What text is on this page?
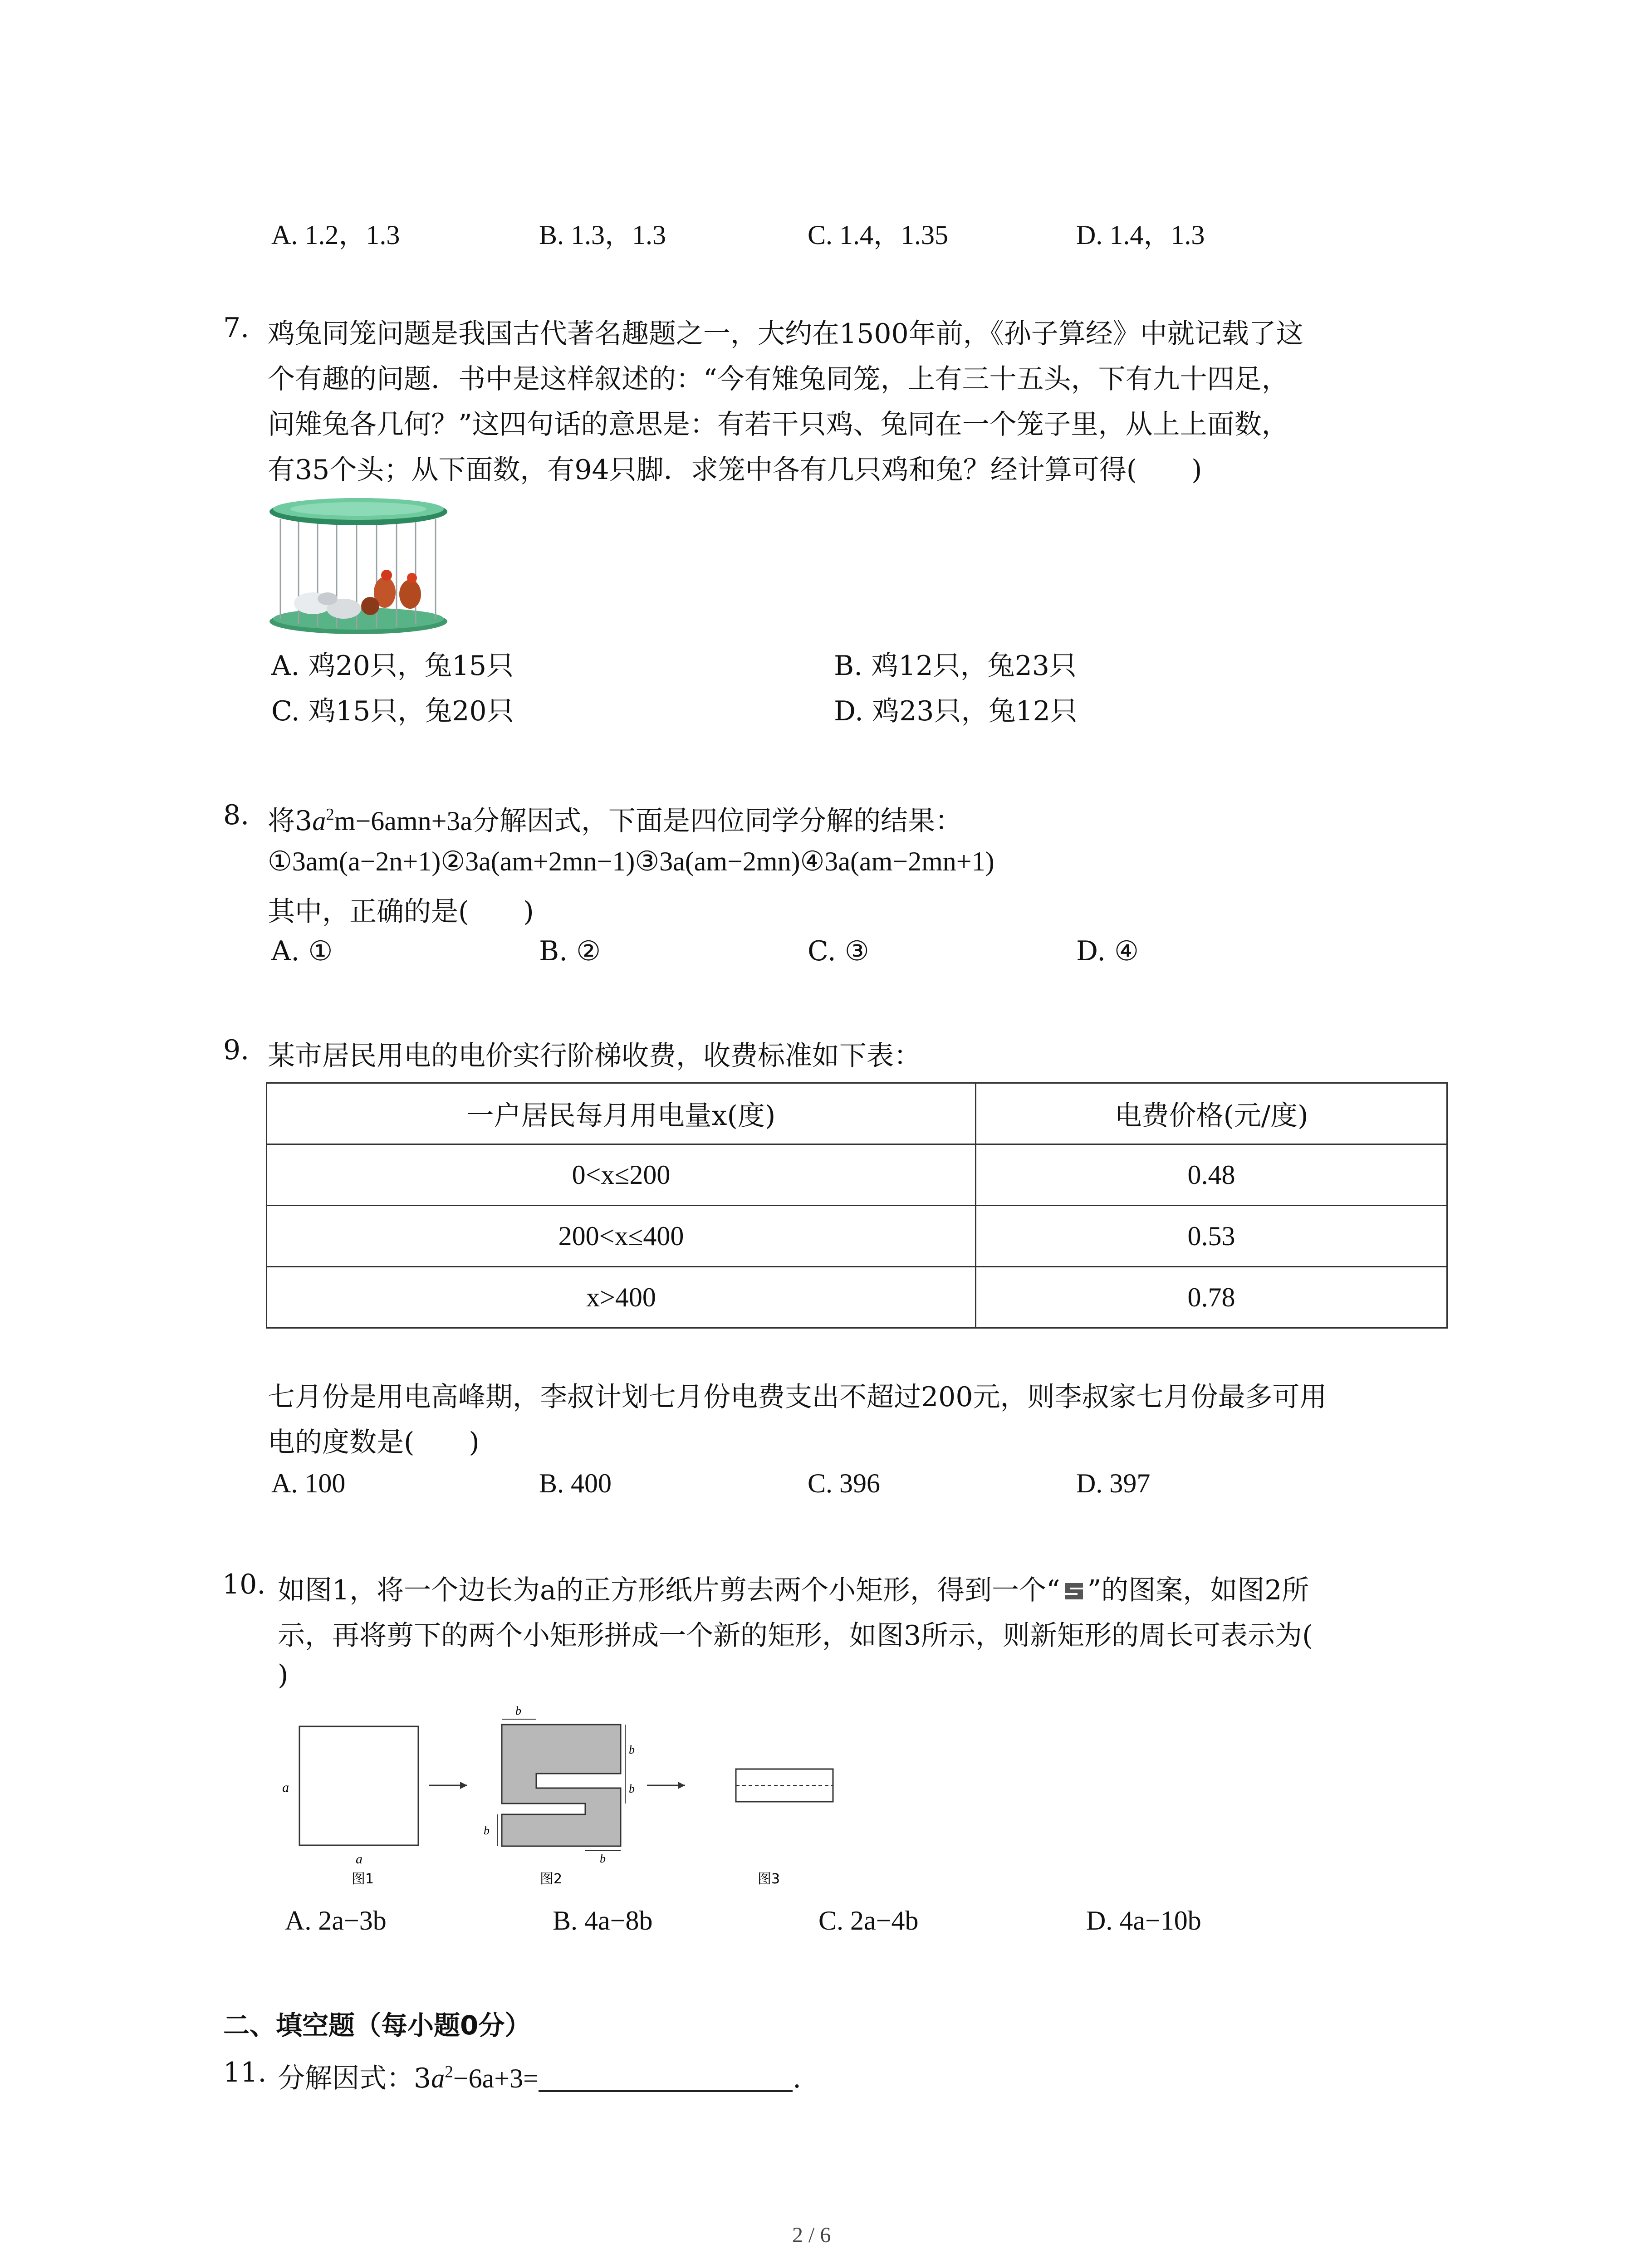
A. 1.2，1.3	B. 1.3，1.3	C. 1.4，1.35	D. 1.4，1.3
7. 鸡兔同笼问题是我国古代著名趣题之一，大约在1500年前，《孙子算经》中就记载了这
个有趣的问题．书中是这样叙述的：“今有雉兔同笼，上有三十五头，下有九十四足，
问雉兔各几何？”这四句话的意思是：有若干只鸡、兔同在一个笼子里，从上上面数，
有35个头；从下面数，有94只脚．求笼中各有几只鸡和兔？经计算可得(　　)
A. 鸡20只，兔15只	B. 鸡12只，兔23只
C. 鸡15只，兔20只	D. 鸡23只，兔12只
8. 将$3a^2m-6amn+3a$分解因式，下面是四位同学分解的结果：
①3am(a−2n+1)②3a(am+2mn−1)③3a(am−2mn)④3a(am−2mn+1)
其中，正确的是(　　)
A. ①	B. ②	C. ③	D. ④
9. 某市居民用电的电价实行阶梯收费，收费标准如下表：
一户居民每月用电量x(度)	电费价格(元/度)
0<x≤200	0.48
200<x≤400	0.53
x>400	0.78
七月份是用电高峰期，李叔计划七月份电费支出不超过200元，则李叔家七月份最多可用
电的度数是(　　)
A. 100	B. 400	C. 396	D. 397
10. 如图1，将一个边长为a的正方形纸片剪去两个小矩形，得到一个“ ”的图案，如图2所
示，再将剪下的两个小矩形拼成一个新的矩形，如图3所示，则新矩形的周长可表示为(
)
a
a
图1
b
b
b
b
b
图2	图3
A. 2a−3b	B. 4a−8b	C. 2a−4b	D. 4a−10b
二、填空题（每小题0分）
11. 分解因式：$3a^2-6a+3=$	.
2 / 6
